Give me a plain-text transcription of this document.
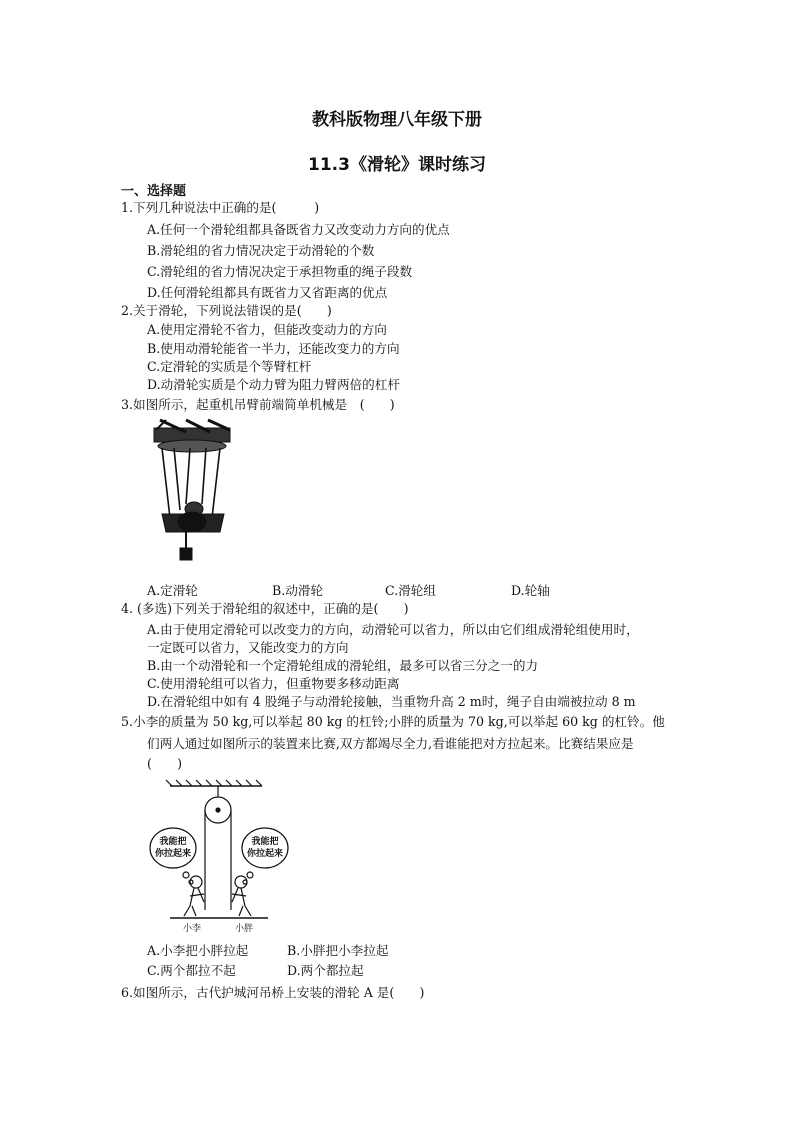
教科版物理八年级下册
11.3《滑轮》课时练习
一、选择题
1.下列几种说法中正确的是(　　　)
A.任何一个滑轮组都具备既省力又改变动力方向的优点
B.滑轮组的省力情况决定于动滑轮的个数
C.滑轮组的省力情况决定于承担物重的绳子段数
D.任何滑轮组都具有既省力又省距离的优点
2.关于滑轮，下列说法错误的是(　　)
A.使用定滑轮不省力，但能改变动力的方向
B.使用动滑轮能省一半力，还能改变力的方向
C.定滑轮的实质是个等臂杠杆
D.动滑轮实质是个动力臂为阻力臂两倍的杠杆
3.如图所示，起重机吊臂前端简单机械是　(　　)
A.定滑轮	B.动滑轮	C.滑轮组	D.轮轴
4. (多选)下列关于滑轮组的叙述中，正确的是(　　)
A.由于使用定滑轮可以改变力的方向，动滑轮可以省力，所以由它们组成滑轮组使用时，
一定既可以省力，又能改变力的方向
B.由一个动滑轮和一个定滑轮组成的滑轮组，最多可以省三分之一的力
C.使用滑轮组可以省力，但重物要多移动距离
D.在滑轮组中如有 4 股绳子与动滑轮接触，当重物升高 2 m时，绳子自由端被拉动 8 m
5.小李的质量为 50 kg,可以举起 80 kg 的杠铃;小胖的质量为 70 kg,可以举起 60 kg 的杠铃。他
们两人通过如图所示的装置来比赛,双方都竭尽全力,看谁能把对方拉起来。比赛结果应是
(　　)
我能把
你拉起来
我能把
你拉起来
小李	小胖
A.小李把小胖拉起	B.小胖把小李拉起
C.两个都拉不起	D.两个都拉起
6.如图所示，古代护城河吊桥上安装的滑轮 A 是(　　)
